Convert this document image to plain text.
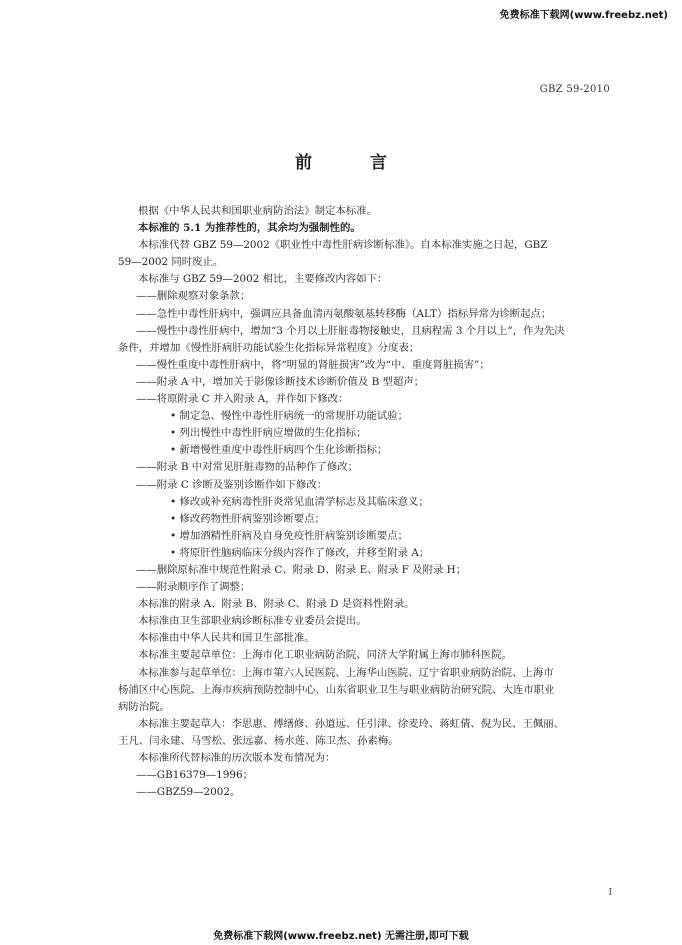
免费标准下载网(www.freebz.net)
GBZ 59-2010
前 言
根据《中华人民共和国职业病防治法》制定本标准。
本标准的 5.1 为推荐性的，其余均为强制性的。
本标准代替 GBZ 59—2002《职业性中毒性肝病诊断标准》。自本标准实施之日起，GBZ
59—2002 同时废止。
本标准与 GBZ 59—2002 相比，主要修改内容如下：
——删除观察对象条款；
——急性中毒性肝病中，强调应具备血清丙氨酸氨基转移酶（ALT）指标异常为诊断起点；
——慢性中毒性肝病中，增加“3 个月以上肝脏毒物接触史，且病程需 3 个月以上”，作为先决
条件，并增加《慢性肝病肝功能试验生化指标异常程度》分度表；
——慢性重度中毒性肝病中，将“明显的肾脏损害”改为“中、重度肾脏损害”；
——附录 A 中，增加关于影像诊断技术诊断价值及 B 型超声；
——将原附录 C 并入附录 A，并作如下修改：
• 制定急、慢性中毒性肝病统一的常规肝功能试验；
• 列出慢性中毒性肝病应增做的生化指标；
• 新增慢性重度中毒性肝病四个生化诊断指标；
——附录 B 中对常见肝脏毒物的品种作了修改；
——附录 C 诊断及鉴别诊断作如下修改：
• 修改或补充病毒性肝炎常见血清学标志及其临床意义；
• 修改药物性肝病鉴别诊断要点；
• 增加酒精性肝病及自身免疫性肝病鉴别诊断要点；
• 将原肝性脑病临床分级内容作了修改，并移至附录 A；
——删除原标准中规范性附录 C、附录 D、附录 E、附录 F 及附录 H；
——附录顺序作了调整；
本标准的附录 A、附录 B、附录 C、附录 D 是资料性附录。
本标准由卫生部职业病诊断标准专业委员会提出。
本标准由中华人民共和国卫生部批准。
本标准主要起草单位：上海市化工职业病防治院、同济大学附属上海市肺科医院。
本标准参与起草单位：上海市第六人民医院、上海华山医院、辽宁省职业病防治院、上海市
杨浦区中心医院、上海市疾病预防控制中心、山东省职业卫生与职业病防治研究院、大连市职业
病防治院。
本标准主要起草人：李思惠、傅缮修、孙道远、任引津、徐麦玲、蒋虹倩、倪为民、王佩丽、
王凡、闫永建、马雪松、张远嘉、杨水莲、陈卫杰、孙素梅。
本标准所代替标准的历次版本发布情况为：
——GB16379—1996；
——GBZ59—2002。
I
免费标准下载网(www.freebz.net) 无需注册,即可下载
